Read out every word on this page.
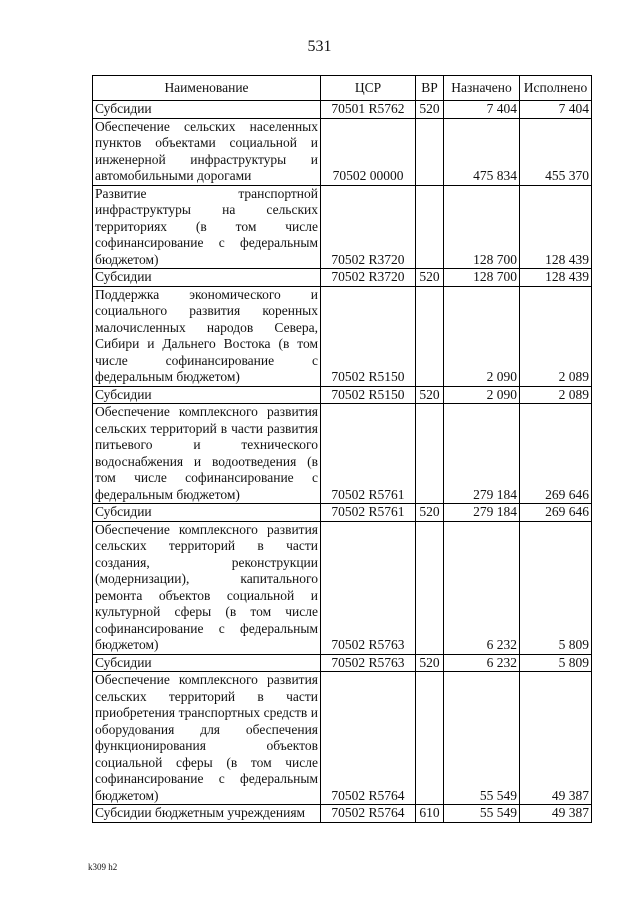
531
Наименование	ЦСР	ВР	Назначено	Исполнено
Субсидии	70501 R5762	520	7 404	7 404
Обеспечение сельских населенных пунктов объектами социальной и инженерной инфраструктуры и автомобильными дорогами	70502 00000		475 834	455 370
Развитие транспортной инфраструктуры на сельских территориях (в том числе софинансирование с федеральным бюджетом)	70502 R3720		128 700	128 439
Субсидии	70502 R3720	520	128 700	128 439
Поддержка экономического и социального развития коренных малочисленных народов Севера, Сибири и Дальнего Востока (в том числе софинансирование с федеральным бюджетом)	70502 R5150		2 090	2 089
Субсидии	70502 R5150	520	2 090	2 089
Обеспечение комплексного развития сельских территорий в части развития питьевого и технического водоснабжения и водоотведения (в том числе софинансирование с федеральным бюджетом)	70502 R5761		279 184	269 646
Субсидии	70502 R5761	520	279 184	269 646
Обеспечение комплексного развития сельских территорий в части создания, реконструкции (модернизации), капитального ремонта объектов социальной и культурной сферы (в том числе софинансирование с федеральным бюджетом)	70502 R5763		6 232	5 809
Субсидии	70502 R5763	520	6 232	5 809
Обеспечение комплексного развития сельских территорий в части приобретения транспортных средств и оборудования для обеспечения функционирования объектов социальной сферы (в том числе софинансирование с федеральным бюджетом)	70502 R5764		55 549	49 387
Субсидии бюджетным учреждениям	70502 R5764	610	55 549	49 387
k309 h2
